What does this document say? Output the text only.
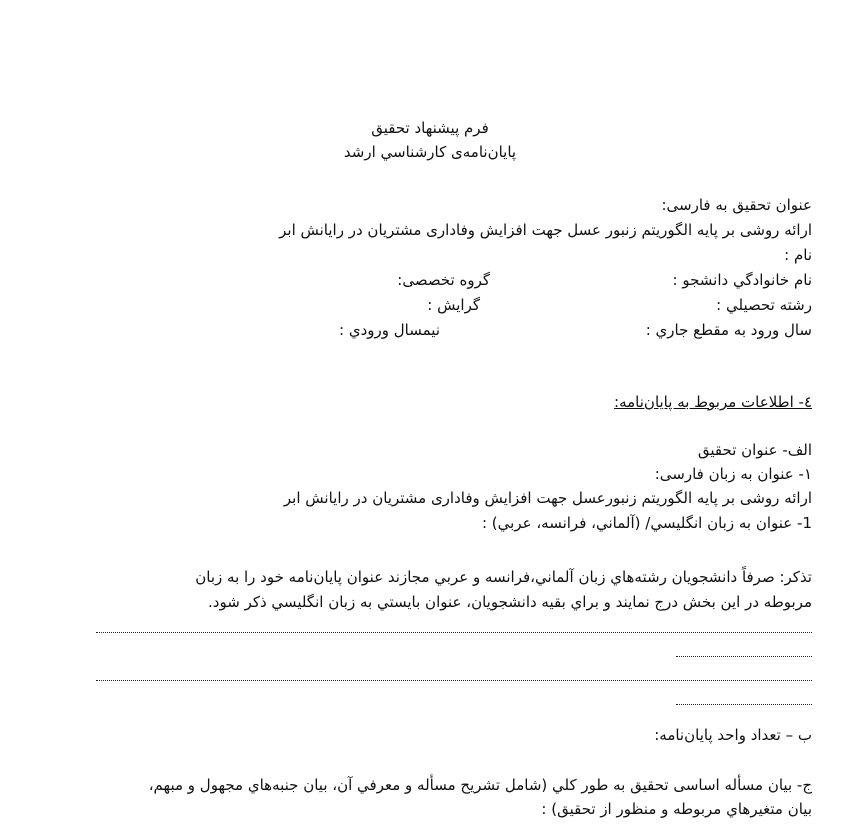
فرم پیشنهاد تحقیق
پایان‌نامه‌ی کارشناسي ارشد
عنوان تحقیق به فارسی:
ارائه روشی بر پایه الگوریتم زنبور عسل جهت افزایش وفاداری مشتریان در رایانش ابر
نام :
نام خانوادگي دانشجو :
گروه تخصصی:
رشته تحصیلي :
گرایش :
سال ورود به مقطع جاري :
نیمسال ورودي :
٤- اطلاعات مربوط به پایان‌نامه:
الف- عنوان تحقیق
١- عنوان به زبان فارسی:
ارائه روشی بر پایه الگوریتم زنبورعسل جهت افزایش وفاداری مشتریان در رایانش ابر
1- عنوان به زبان انگلیسي/ (آلماني، فرانسه، عربي) :
تذکر: صرفاً دانشجویان رشته‌هاي زبان آلماني،فرانسه و عربي مجازند عنوان پایان‌نامه خود را به زبان
مربوطه در این بخش درج نمایند و براي بقیه دانشجویان، عنوان بایستي به زبان انگلیسي ذکر شود.
ب – تعداد واحد پایان‌نامه:
ج- بیان مسأله اساسی تحقیق به طور کلي (شامل تشریح مسأله و معرفي آن، بیان جنبه‌هاي مجهول و مبهم،
بیان متغیرهاي مربوطه و منظور از تحقیق) :
